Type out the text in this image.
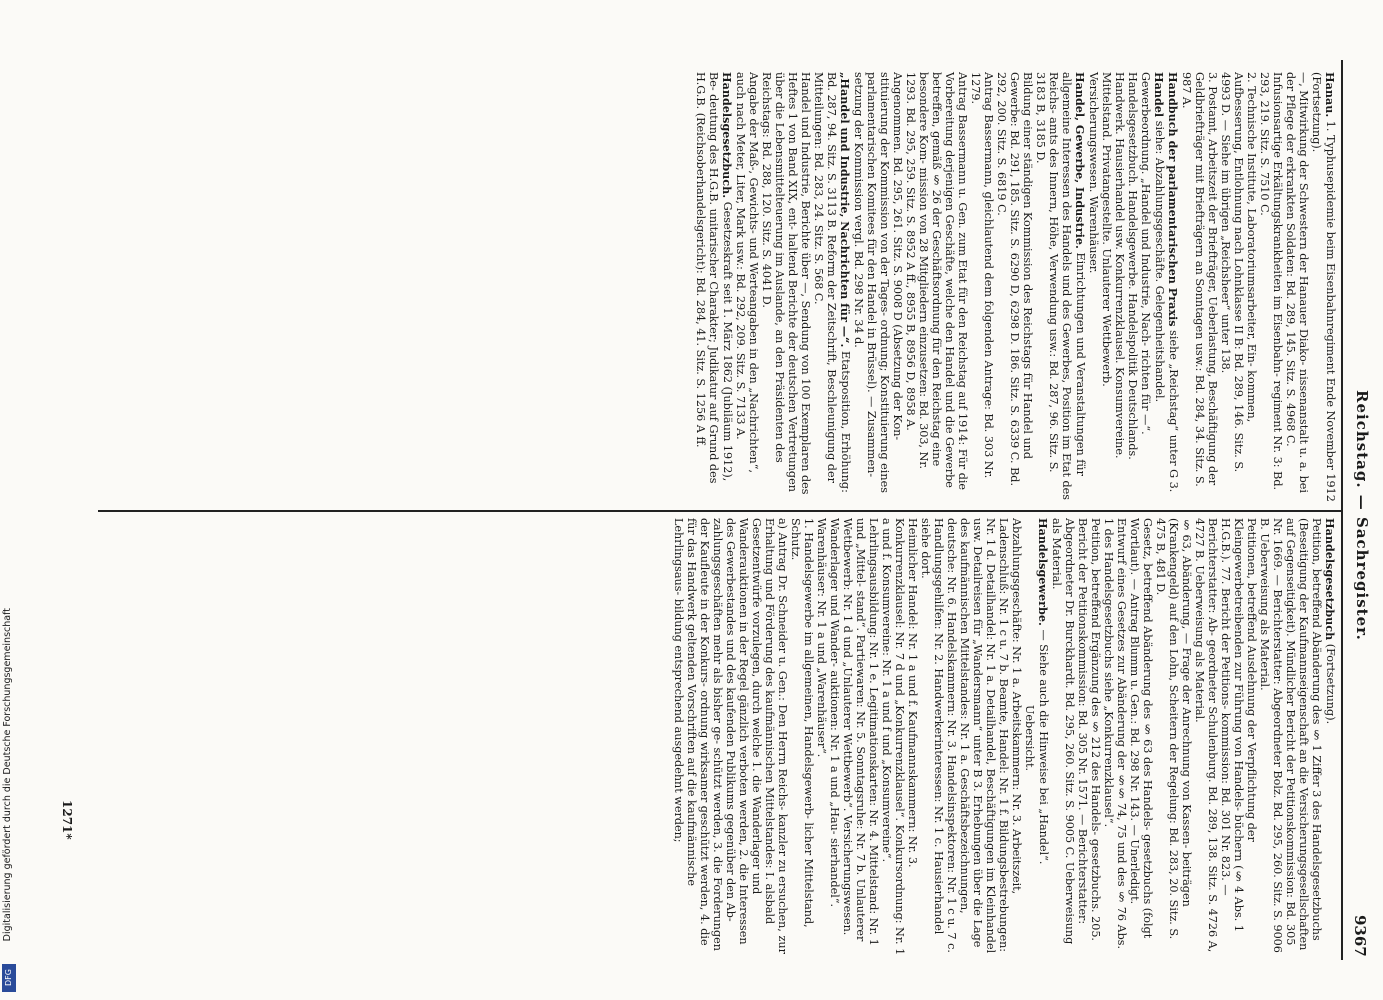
Reichstag. — Sachregister.
9367

Hanau. 1. Typhusepidemie beim Eisenbahnregiment Ende November 1912 (Fortsetzung).

—, Mitwirkung der Schwestern der Hanauer Diako- nissenanstalt u. a. bei der Pflege der erkrankten Soldaten: Bd. 289, 145. Sitz. S. 4968 C.

Infusionsartige Erkältungskrankheiten im Eisenbahn- regiment Nr. 3: Bd. 293, 219. Sitz. S. 7510 C.

2. Technische Institute, Laboratoriumsarbeiter, Ein- kommen, Aufbesserung, Entlohnung nach Lohnklasse II B: Bd. 289, 146. Sitz. S. 4993 D. — Siehe im übrigen „Reichsheer“ unter 138.

3. Postamt, Arbeitszeit der Briefträger, Ueberlastung, Beschäftigung der Geldbriefträger mit Briefträgern an Sonntagen usw.: Bd. 284, 34. Sitz. S. 987 A.

Handbuch der parlamentarischen Praxis siehe „Reichstag“ unter G 3.

Handel siehe: Abzahlungsgeschäfte. Gelegenheitshandel. Gewerbeordnung. „Handel und Industrie, Nach- richten für —“. Handelsgesetzbuch. Handelsgewerbe. Handelspolitik Deutschlands. Handwerk. Hausierhandel usw. Konkurrenzklausel. Konsumvereine. Mittelstand. Privatangestellte. Unlauterer Wettbewerb. Versicherungswesen. Warenhäuser.

Handel, Gewerbe, Industrie. Einrichtungen und Veranstaltungen für allgemeine Interessen des Handels und des Gewerbes, Position im Etat des Reichs- amts des Innern, Höhe, Verwendung usw.: Bd. 287, 96. Sitz. S. 3183 B, 3185 D.

Bildung einer ständigen Kommission des Reichstags für Handel und Gewerbe: Bd. 291, 185. Sitz. S. 6290 D, 6298 D. 186. Sitz. S. 6339 C. Bd. 292, 200. Sitz. S. 6819 C.

Antrag Bassermann, gleichlautend dem folgenden Antrage: Bd. 303 Nr. 1279.

Antrag Bassermann u. Gen. zum Etat für den Reichstag auf 1914: Für die Vorbereitung derjenigen Geschäfte, welche den Handel und die Gewerbe betreffen, gemäß § 26 der Geschäftsordnung für den Reichstag eine besondere Kom- mission von 28 Mitgliedern einzusetzen: Bd. 303, Nr. 1293. Bd. 295, 259. Sitz. S. 8952 A ff., 8955 B, 8956 D, 8958 A.

Angenommen. Bd. 295, 261. Sitz. S. 9008 D (Absetzung der Kon- stituierung der Kommission von der Tages- ordnung; Konstituierung eines parlamentarischen Komitees für den Handel in Brüssel). — Zusammen- setzung der Kommission vergl. Bd. 298 Nr. 34 d.

„Handel und Industrie, Nachrichten für —“. Etatsposition, Erhöhung: Bd. 287, 94. Sitz. S. 3113 B. Reform der Zeitschrift, Beschleunigung der Mitteilungen: Bd. 283, 24. Sitz. S. 568 C.

Handel und Industrie, Berichte über —, Sendung von 100 Exemplaren des Heftes 1 von Band XIX, ent- haltend Berichte der deutschen Vertretungen über die Lebensmittelteuerung im Auslande, an den Präsidenten des Reichstags: Bd. 288, 120. Sitz. S. 4041 D.

Angabe der Maß-, Gewichts- und Werteangaben in den „Nachrichten“, auch nach Meter, Liter, Mark usw.: Bd. 292, 209. Sitz. S. 7133 A.

Handelsgesetzbuch. Gesetzeskraft seit 1. März 1862 (Jubiläum 1912), Be- deutung des H.G.B. unitarischer Charakter; Judikatur auf Grund des H.G.B. (Reichsoberhandelsgericht): Bd. 284, 41. Sitz. S. 1256 A ff.

Handelsgesetzbuch (Fortsetzung).

Petition, betreffend Abänderung des § 1 Ziffer 3 des Handelsgesetzbuchs (Beseitigung der Kaufmannseigenschaft an die Versicherungsgesellschaften auf Gegenseitigkeit). Mündlicher Bericht der Petitionskommission: Bd. 305 Nr. 1669. — Berichterstatter: Abgeordneter Bolz. Bd. 295, 260. Sitz. S. 9006 B. Ueberweisung als Material.

Petitionen, betreffend Ausdehnung der Verpflichtung der Kleingewerbetreibenden zur Führung von Handels- büchern (§ 4 Abs. 1 H.G.B.). 77. Bericht der Petitions- kommission: Bd. 301 Nr. 823. — Berichterstatter: Ab- geordneter Schulenburg. Bd. 289, 138. Sitz. S. 4726 A, 4727 B. Ueberweisung als Material.

§ 63, Abänderung, — Frage der Anrechnung von Kassen- beiträgen (Krankengeld) auf den Lohn, Scheitern der Regelung: Bd. 283, 20. Sitz. S. 475 B, 481 D.

Gesetz, betreffend Abänderung des § 63 des Handels- gesetzbuchs (folgt Wortlaut). — Antrag Blumm u. Gen.: Bd. 298 Nr. 143. — Unerledigt.

Entwurf eines Gesetzes zur Abänderung der §§ 74, 75 und des § 76 Abs. 1 des Handelsgesetzbuchs siehe „Konkurrenzklausel“.

Petition, betreffend Ergänzung des § 212 des Handels- gesetzbuchs. 205. Bericht der Petitionskommission: Bd. 305 Nr. 1571. — Berichterstatter: Abgeordneter Dr. Burckhardt. Bd. 295, 260. Sitz. S. 9005 C. Ueberweisung als Material.

Handelsgewerbe. — Siehe auch die Hinweise bei „Handel“.

Uebersicht.

Abzahlungsgeschäfte: Nr. 1 a. Arbeitskammern: Nr. 3. Arbeitszeit, Ladenschluß: Nr. 1 c u. 7 b. Beamte, Handel: Nr. 1 f. Bildungsbestrebungen: Nr. 1 d. Detailhandel: Nr. 1 a. Detailhandel, Beschäftigungen im Kleinhandel usw. Detailreisen für „Wandersmann“ unter B 3. Erhebungen über die Lage des kaufmännischen Mittelstandes: Nr. 1 a. Geschäftsbezeichnungen, deutsche: Nr. 6. Handelskammern: Nr. 3. Handelsinspektoren: Nr. 1 c u. 7 c. Handlungsgehilfen: Nr. 2. Handwerkerinteressen: Nr. 1 c. Hausierhandel siehe dort.

Heimlicher Handel: Nr. 1 a und f. Kaufmannskammern: Nr. 3. Konkurrenzklausel: Nr. 7 d und „Konkurrenzklausel“. Konkursordnung: Nr. 1 a und f. Konsumvereine: Nr. 1 a und f und „Konsumvereine“. Lehrlingsausbildung: Nr. 1 e. Legitimationskarten: Nr. 4. Mittelstand: Nr. 1 und „Mittel- stand“. Partiewaren: Nr. 5. Sonntagsruhe: Nr. 7 b. Unlauterer Wettbewerb: Nr. 1 d und „Unlauterer Wettbewerb“. Versicherungswesen. Wanderlager und Wander- auktionen: Nr. 1 a und „Hau- sierhandel“. Warenhäuser: Nr. 1 a und „Warenhäuser“.

1. Handelsgewerbe im allgemeinen, Handelsgewerb- licher Mittelstand, Schutz.

a) Antrag Dr. Schneider u. Gen.: Den Herrn Reichs- kanzler zu ersuchen, zur Erhaltung und Förderung des kaufmännischen Mittelstandes: I. alsbald Gesetzentwürfe vorzulegen, durch welche 1. die Wanderlager und Wanderauktionen in der Regel gänzlich verboten werden, 2. die Interessen des Gewerbestandes und des kaufenden Publikums gegenüber den Ab- zahlungsgeschäften mehr als bisher ge- schützt werden, 3. die Forderungen der Kaufleute in der Konkurs- ordnung wirksamer geschützt werden, 4. die für das Handwerk geltenden Vorschriften auf die kaufmännische Lehrlingsaus- bildung entsprechend ausgedehnt werden;

1271*
Digitalisierung gefördert durch die Deutsche Forschungsgemeinschaft
DFG
